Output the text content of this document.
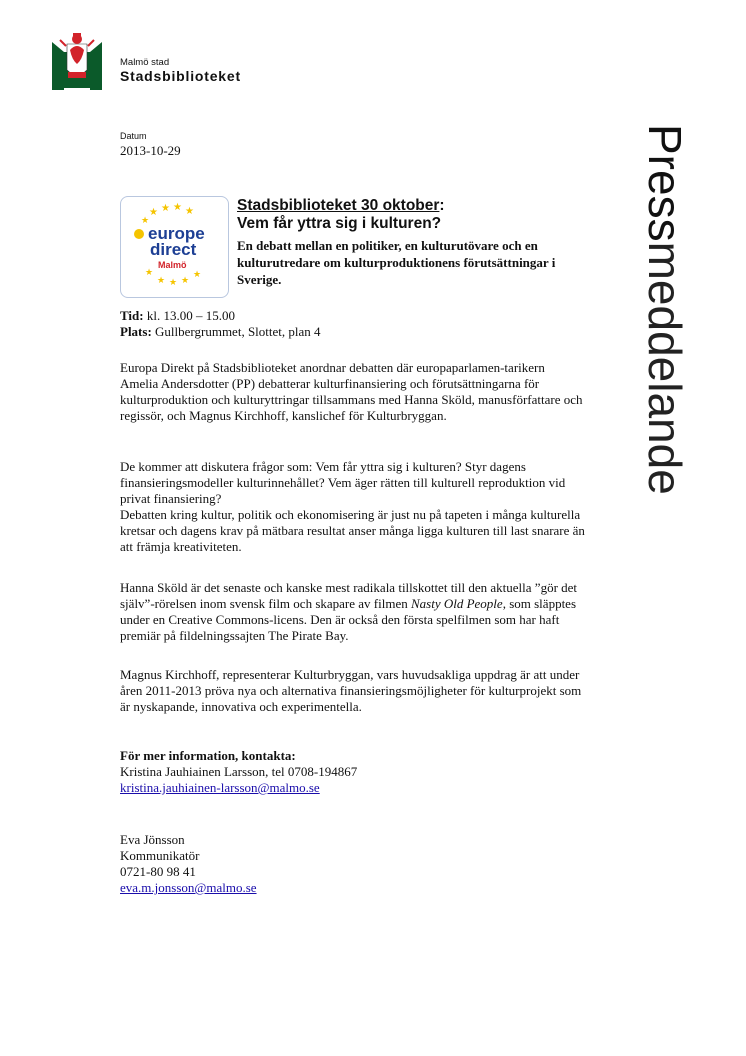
Malmö stad
Stadsbiblioteket
Pressmeddelande
Datum
2013-10-29
★ ★ ★ ★
★
★
★ ★ ★
★
europe
direct
Malmö
Stadsbiblioteket 30 oktober:
Vem får yttra sig i kulturen?
En debatt mellan en politiker, en kulturutövare och en kulturutredare om kulturproduktionens förutsättningar i Sverige.
Tid: kl. 13.00 – 15.00
Plats: Gullbergrummet, Slottet, plan 4

Europa Direkt på Stadsbiblioteket anordnar debatten där europaparlamen-tarikern Amelia Andersdotter (PP) debatterar kulturfinansiering och förutsättningarna för kulturproduktion och kulturyttringar tillsammans med Hanna Sköld, manusförfattare och regissör, och Magnus Kirchhoff, kanslichef för Kulturbryggan.

De kommer att diskutera frågor som: Vem får yttra sig i kulturen? Styr dagens finansieringsmodeller kulturinnehållet? Vem äger rätten till kulturell reproduktion vid privat finansiering?

Debatten kring kultur, politik och ekonomisering är just nu på tapeten i många kulturella kretsar och dagens krav på mätbara resultat anser många ligga kulturen till last snarare än att främja kreativiteten.

Hanna Sköld är det senaste och kanske mest radikala tillskottet till den aktuella ”gör det själv”-rörelsen inom svensk film och skapare av filmen Nasty Old People, som släpptes under en Creative Commons-licens. Den är också den första spelfilmen som har haft premiär på fildelningssajten The Pirate Bay.

Magnus Kirchhoff, representerar Kulturbryggan, vars huvudsakliga uppdrag är att under åren 2011-2013 pröva nya och alternativa finansieringsmöjligheter för kulturprojekt som är nyskapande, innovativa och experimentella.

För mer information, kontakta:
Kristina Jauhiainen Larsson, tel 0708-194867
kristina.jauhiainen-larsson@malmo.se
Eva Jönsson
Kommunikatör
0721-80 98 41
eva.m.jonsson@malmo.se
